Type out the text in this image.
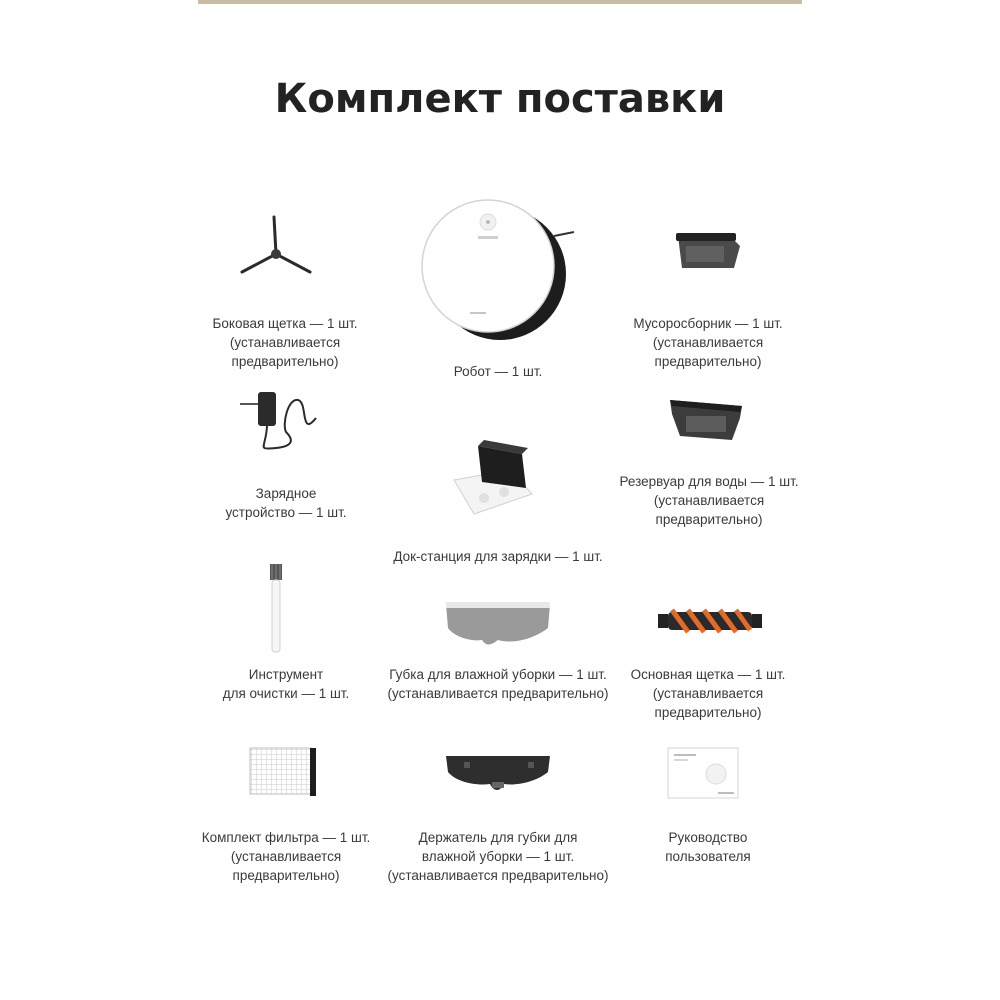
Комплект поставки
Боковая щетка — 1 шт.
(устанавливается
предварительно)
Робот — 1 шт.
Мусоросборник — 1 шт.
(устанавливается
предварительно)
Зарядное
устройство — 1 шт.
Док-станция для зарядки — 1 шт.
Резервуар для воды — 1 шт.
(устанавливается
предварительно)
Инструмент
для очистки — 1 шт.
Губка для влажной уборки — 1 шт.
(устанавливается предварительно)
Основная щетка — 1 шт.
(устанавливается
предварительно)
Комплект фильтра — 1 шт.
(устанавливается
предварительно)
Держатель для губки для
влажной уборки — 1 шт.
(устанавливается предварительно)
Руководство
пользователя
